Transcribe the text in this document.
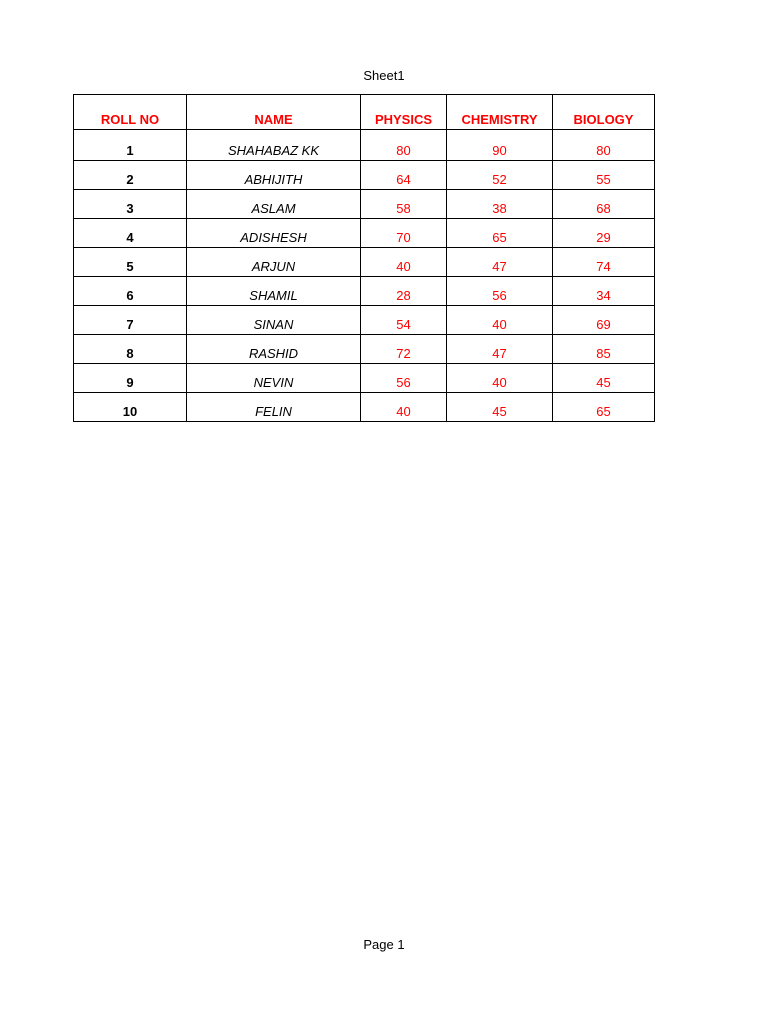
Sheet1
ROLL NO	NAME	PHYSICS	CHEMISTRY	BIOLOGY
1	SHAHABAZ KK	80	90	80
2	ABHIJITH	64	52	55
3	ASLAM	58	38	68
4	ADISHESH	70	65	29
5	ARJUN	40	47	74
6	SHAMIL	28	56	34
7	SINAN	54	40	69
8	RASHID	72	47	85
9	NEVIN	56	40	45
10	FELIN	40	45	65
Page 1
